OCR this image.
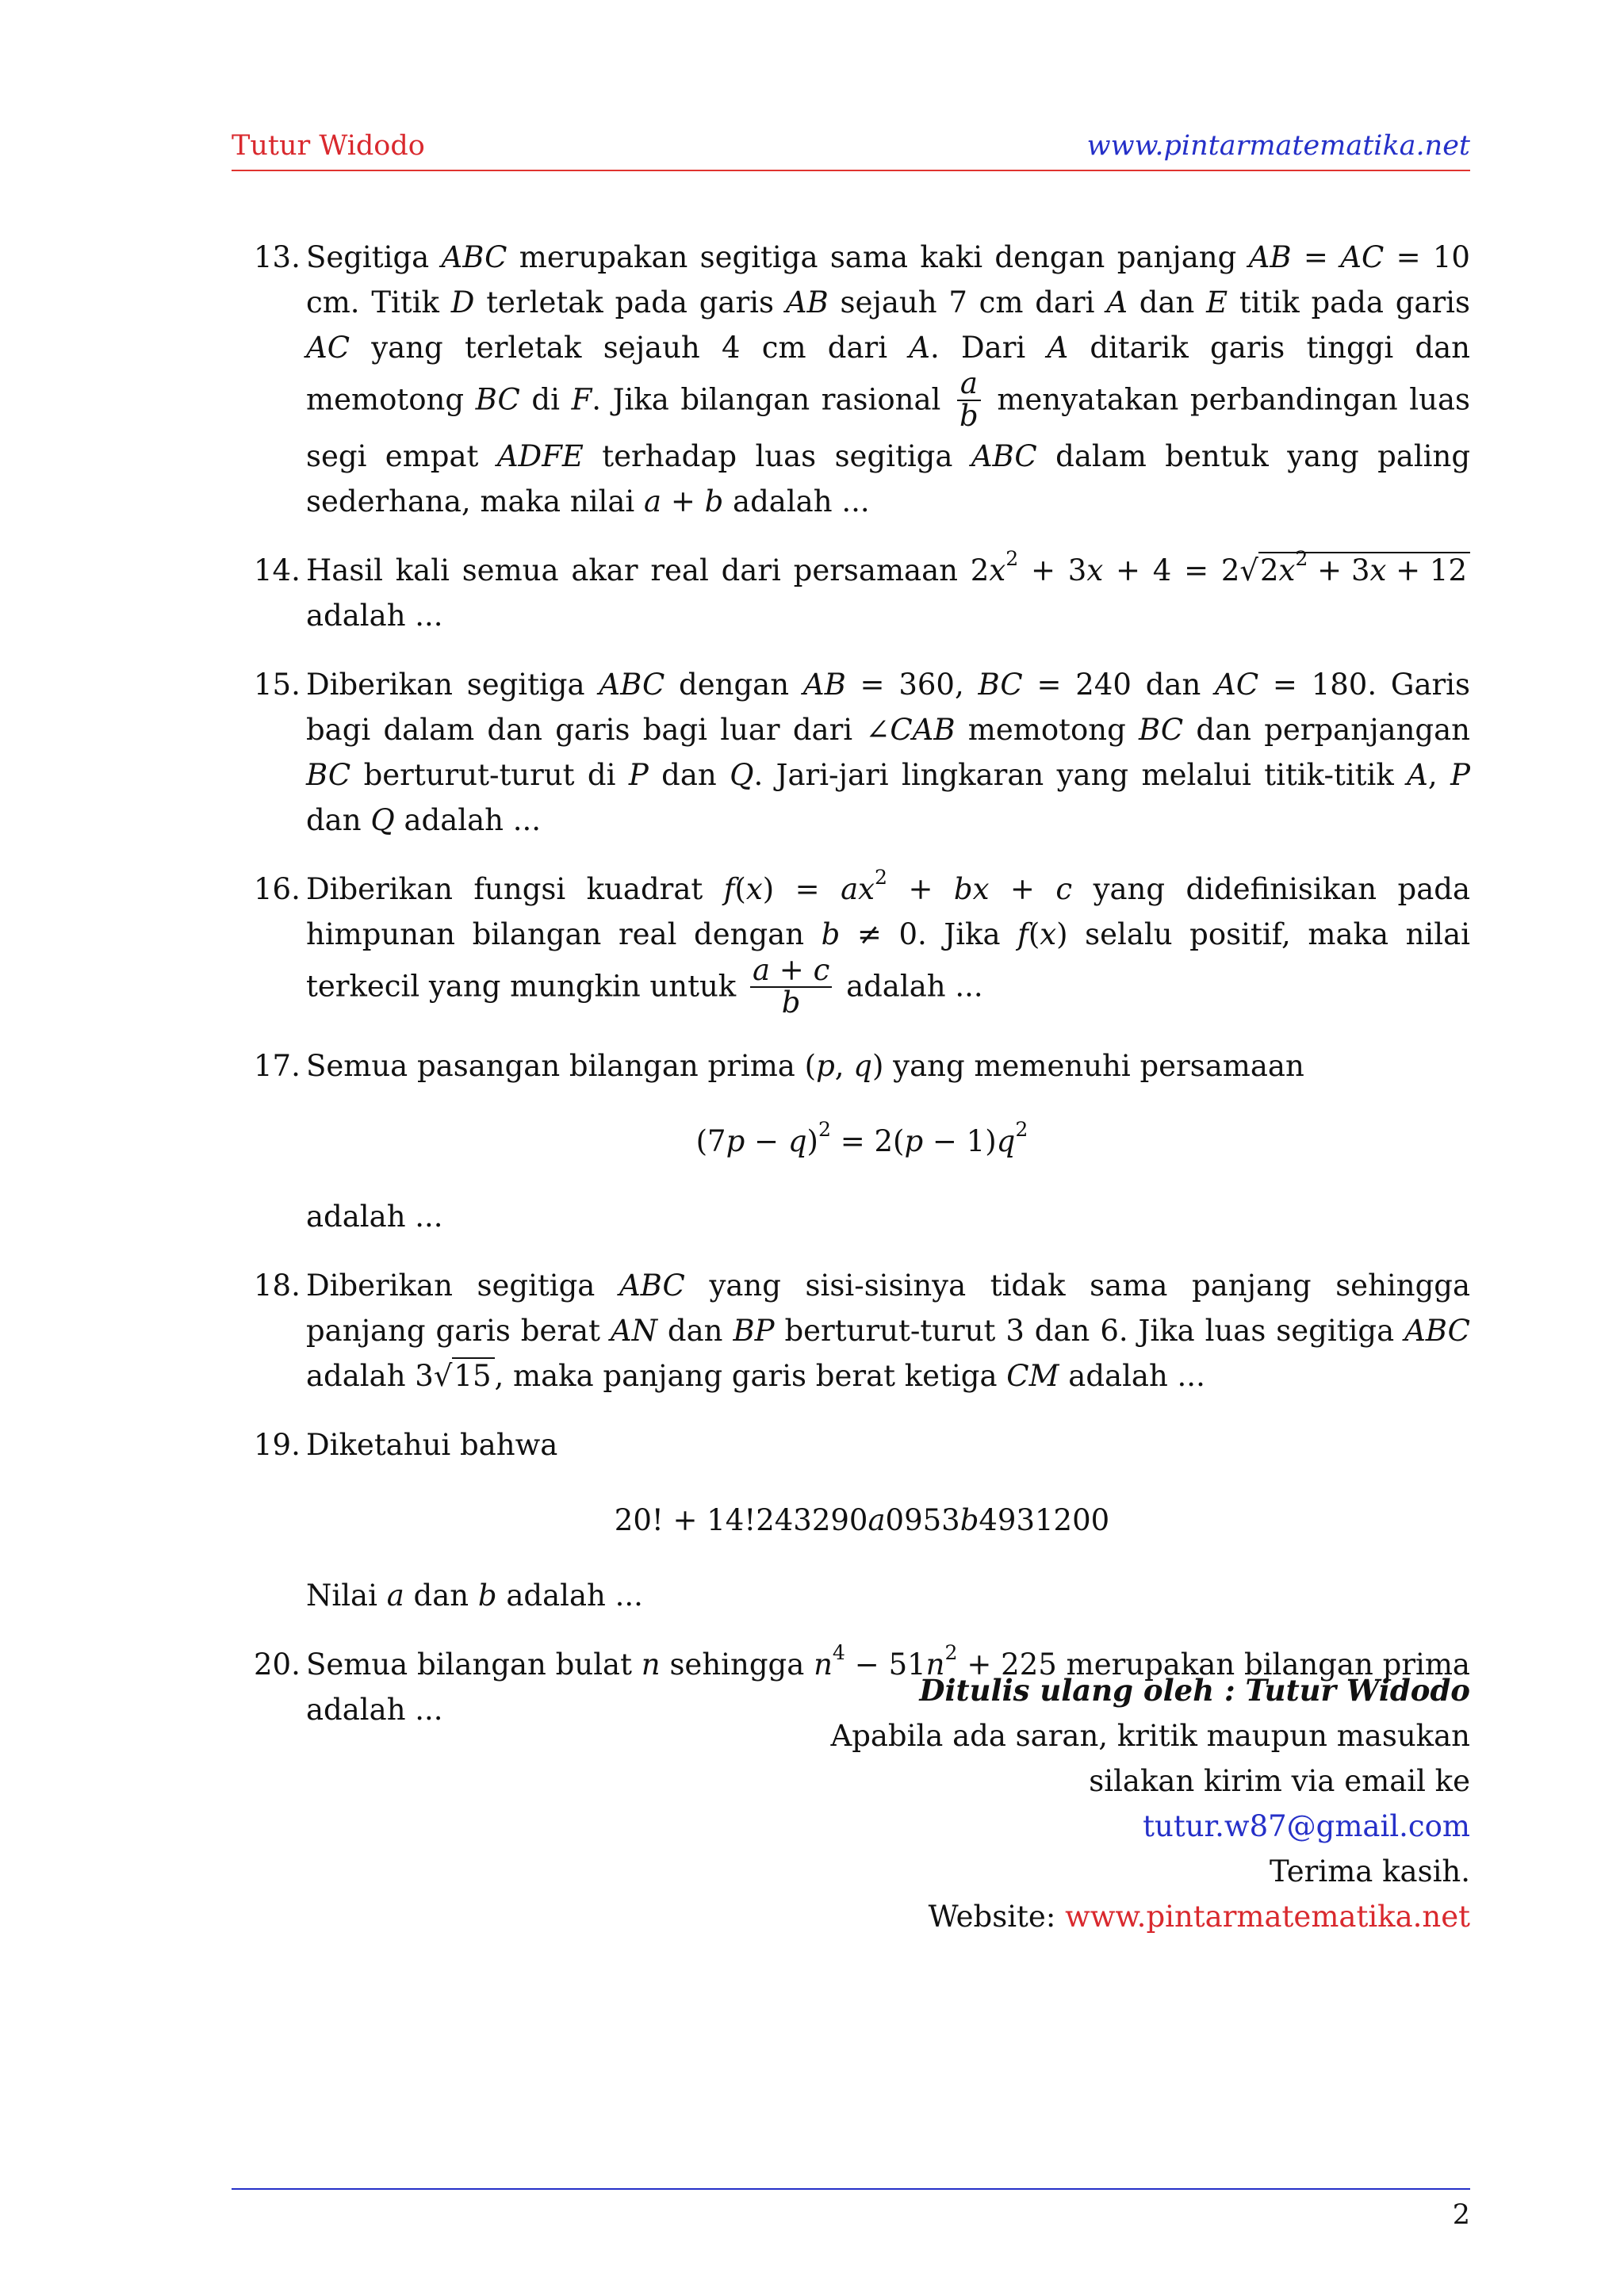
Tutur Widodo	www.pintarmatematika.net
13. Segitiga ABC merupakan segitiga sama kaki dengan panjang AB = AC = 10 cm. Titik D terletak pada garis AB sejauh 7 cm dari A dan E titik pada garis AC yang terletak sejauh 4 cm dari A. Dari A ditarik garis tinggi dan memotong BC di F. Jika bilangan rasional $\frac{a}{b}$ menyatakan perbandingan luas segi empat ADFE terhadap luas segitiga ABC dalam bentuk yang paling sederhana, maka nilai a + b adalah ...
14. Hasil kali semua akar real dari persamaan $2x^2 + 3x + 4 = 2√2x^2 + 3x + 12$ adalah ...
15. Diberikan segitiga ABC dengan AB = 360, BC = 240 dan AC = 180. Garis bagi dalam dan garis bagi luar dari ∠CAB memotong BC dan perpanjangan BC berturut-turut di P dan Q. Jari-jari lingkaran yang melalui titik-titik A, P dan Q adalah ...
16. Diberikan fungsi kuadrat $f(x) = ax^2$ + bx + c yang didefinisikan pada himpunan bilangan real dengan b ≠ 0. Jika f(x) selalu positif, maka nilai terkecil yang mungkin untuk $\frac{a + c}{b}$ adalah ...
17. Semua pasangan bilangan prima (p, q) yang memenuhi persamaan
$(7p - q)^2 = 2(p - 1)q^2$
adalah ...
18. Diberikan segitiga ABC yang sisi-sisinya tidak sama panjang sehingga panjang garis berat AN dan BP berturut-turut 3 dan 6. Jika luas segitiga ABC adalah 3√15 , maka panjang garis berat ketiga CM adalah ...
19. Diketahui bahwa
20! + 14!243290a0953b4931200
Nilai a dan b adalah ...
20. Semua bilangan bulat n sehingga $n^4 - 51n^2 + 225$ merupakan bilangan prima adalah ...
Ditulis ulang oleh : Tutur Widodo
Apabila ada saran, kritik maupun masukan
silakan kirim via email ke
tutur.w87@gmail.com
Terima kasih.
Website: www.pintarmatematika.net
2
